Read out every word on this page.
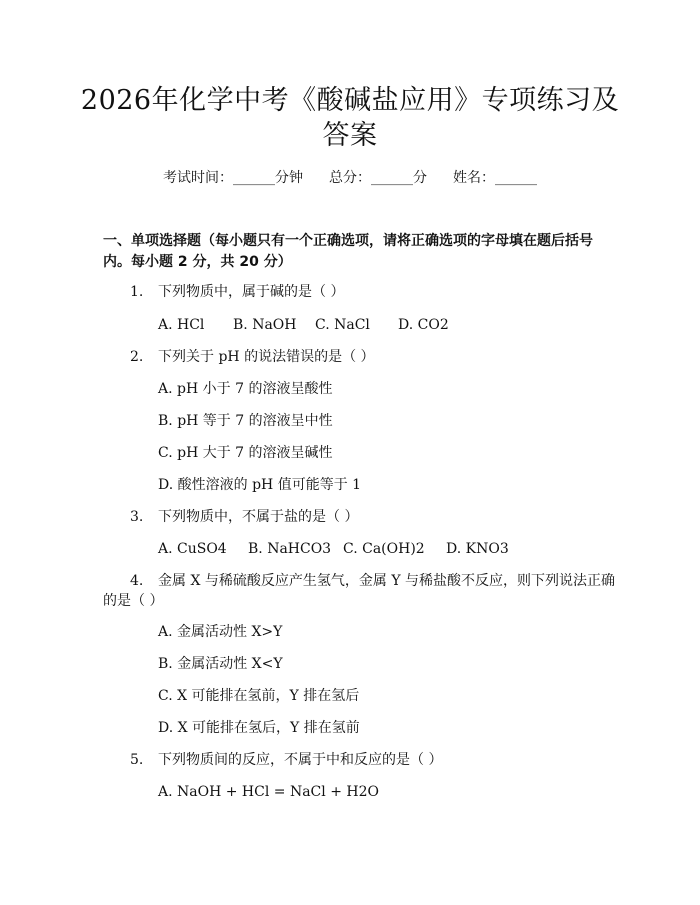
2026年化学中考《酸碱盐应用》专项练习及
答案
考试时间：______分钟 总分：______分 姓名：______
一、单项选择题（每小题只有一个正确选项，请将正确选项的字母填在题后括号
内。每小题 2 分，共 20 分）
1. 下列物质中，属于碱的是（ ）
A. HCl B. NaOH C. NaCl D. CO2
2. 下列关于 pH 的说法错误的是（ ）
A. pH 小于 7 的溶液呈酸性
B. pH 等于 7 的溶液呈中性
C. pH 大于 7 的溶液呈碱性
D. 酸性溶液的 pH 值可能等于 1
3. 下列物质中，不属于盐的是（ ）
A. CuSO4 B. NaHCO3 C. Ca(OH)2 D. KNO3
4. 金属 X 与稀硫酸反应产生氢气，金属 Y 与稀盐酸不反应，则下列说法正确
的是（ ）
A. 金属活动性 X>Y
B. 金属活动性 X<Y
C. X 可能排在氢前，Y 排在氢后
D. X 可能排在氢后，Y 排在氢前
5. 下列物质间的反应，不属于中和反应的是（ ）
A. NaOH + HCl = NaCl + H2O
